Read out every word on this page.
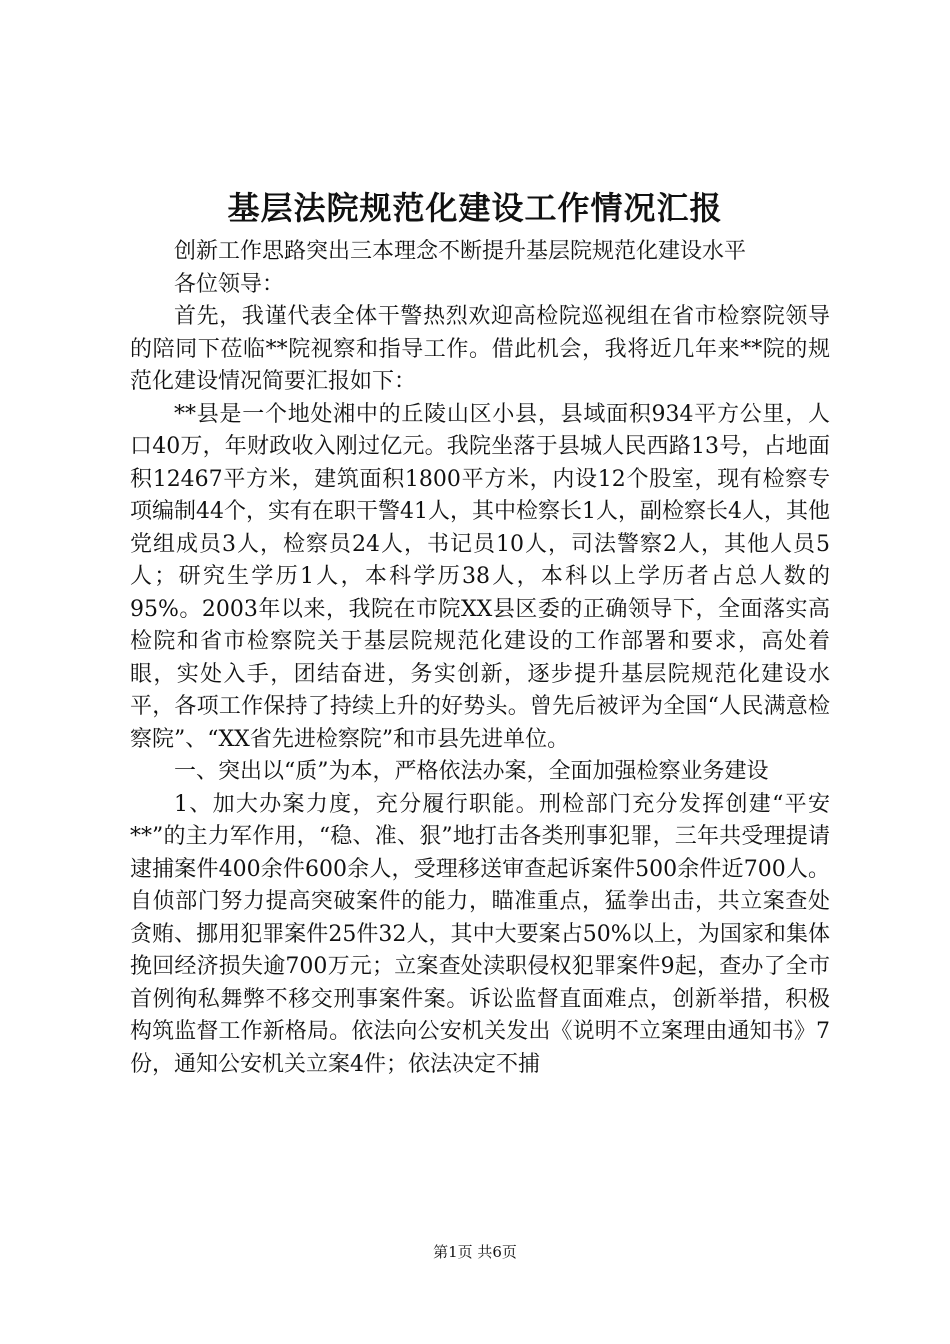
基层法院规范化建设工作情况汇报

创新工作思路突出三本理念不断提升基层院规范化建设水平

各位领导：

首先，我谨代表全体干警热烈欢迎高检院巡视组在省市检察院领导的陪同下莅临**院视察和指导工作。借此机会，我将近几年来**院的规范化建设情况简要汇报如下：

**县是一个地处湘中的丘陵山区小县，县域面积934平方公里，人口40万，年财政收入刚过亿元。我院坐落于县城人民西路13号，占地面积12467平方米，建筑面积1800平方米，内设12个股室，现有检察专项编制44个，实有在职干警41人，其中检察长1人，副检察长4人，其他党组成员3人，检察员24人，书记员10人，司法警察2人，其他人员5人；研究生学历1人，本科学历38人，本科以上学历者占总人数的95%。2003年以来，我院在市院XX县区委的正确领导下，全面落实高检院和省市检察院关于基层院规范化建设的工作部署和要求，高处着眼，实处入手，团结奋进，务实创新，逐步提升基层院规范化建设水平，各项工作保持了持续上升的好势头。曾先后被评为全国“人民满意检察院”、“XX省先进检察院”和市县先进单位。

一、突出以“质”为本，严格依法办案，全面加强检察业务建设

1、加大办案力度，充分履行职能。刑检部门充分发挥创建“平安**”的主力军作用，“稳、准、狠”地打击各类刑事犯罪，三年共受理提请逮捕案件400余件600余人，受理移送审查起诉案件500余件近700人。自侦部门努力提高突破案件的能力，瞄准重点，猛拳出击，共立案查处贪贿、挪用犯罪案件25件32人，其中大要案占50%以上，为国家和集体挽回经济损失逾700万元；立案查处渎职侵权犯罪案件9起，查办了全市首例徇私舞弊不移交刑事案件案。诉讼监督直面难点，创新举措，积极构筑监督工作新格局。依法向公安机关发出《说明不立案理由通知书》7份，通知公安机关立案4件；依法决定不捕

第1页 共6页
